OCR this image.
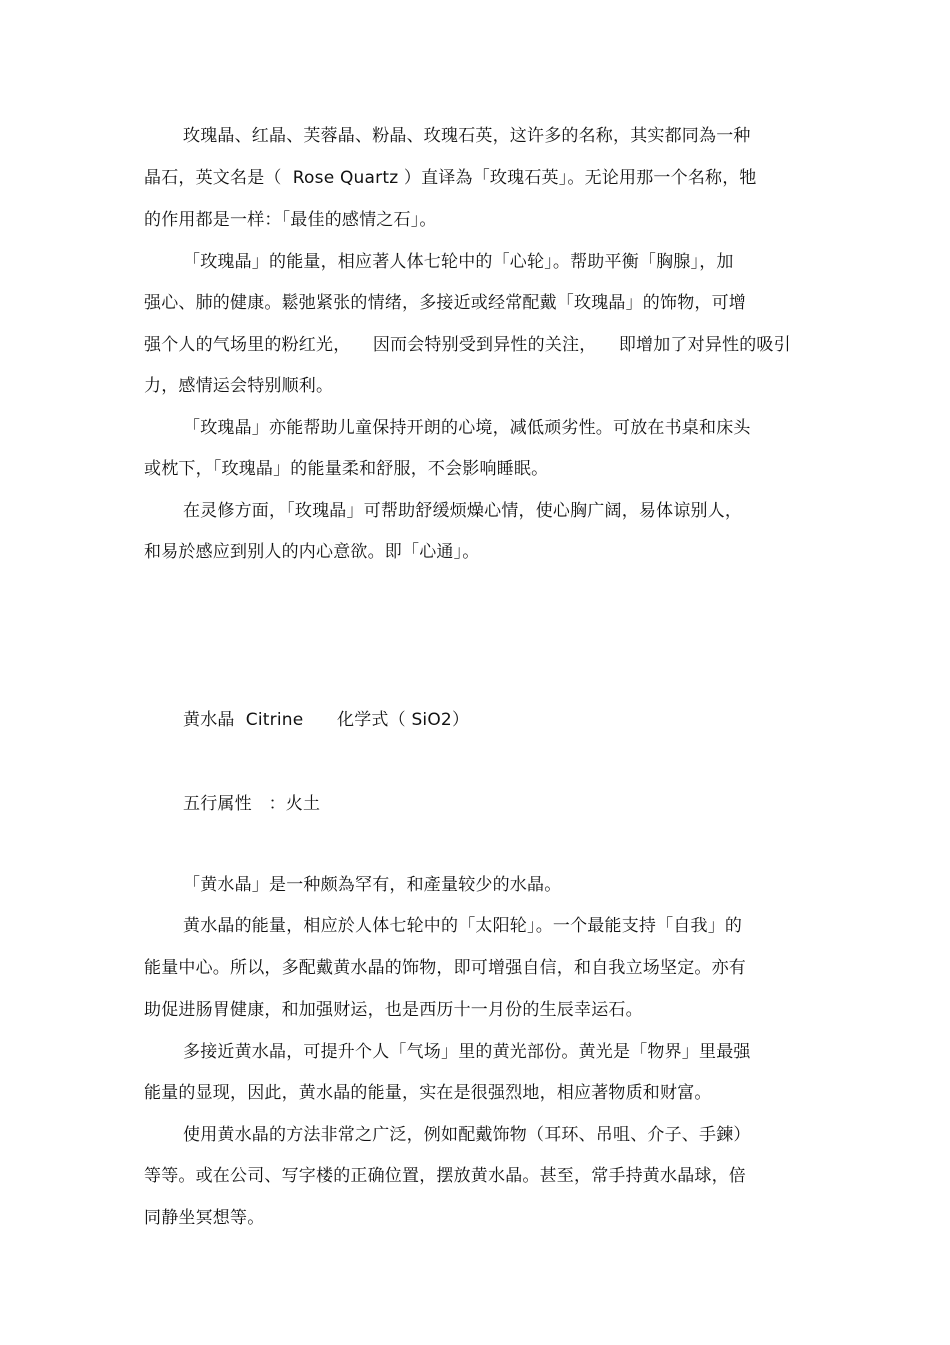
玫瑰晶、红晶、芙蓉晶、粉晶、玫瑰石英，这许多的名称，其实都同為一种
晶石，英文名是（  Rose Quartz ）直译為「玫瑰石英」。无论用那一个名称，牠
的作用都是一样：「最佳的感情之石」。
「玫瑰晶」的能量，相应著人体七轮中的「心轮」。帮助平衡「胸腺」，加
强心、肺的健康。鬆弛紧张的情绪，多接近或经常配戴「玫瑰晶」的饰物，可增
强个人的气场里的粉红光，    因而会特别受到异性的关注，    即增加了对异性的吸引
力，感情运会特别顺利。
「玫瑰晶」亦能帮助儿童保持开朗的心境，减低顽劣性。可放在书桌和床头
或枕下，「玫瑰晶」的能量柔和舒服，不会影响睡眠。
在灵修方面，「玫瑰晶」可帮助舒缓烦燥心情，使心胸广阔，易体谅别人，
和易於感应到别人的内心意欲。即「心通」。
黄水晶  Citrine      化学式（ SiO2）
五行属性   ：火土
「黄水晶」是一种颇為罕有，和產量较少的水晶。
黄水晶的能量，相应於人体七轮中的「太阳轮」。一个最能支持「自我」的
能量中心。所以，多配戴黄水晶的饰物，即可增强自信，和自我立场坚定。亦有
助促进肠胃健康，和加强财运，也是西历十一月份的生辰幸运石。
多接近黄水晶，可提升个人「气场」里的黄光部份。黄光是「物界」里最强
能量的显现，因此，黄水晶的能量，实在是很强烈地，相应著物质和财富。
使用黄水晶的方法非常之广泛，例如配戴饰物（耳环、吊咀、介子、手鍊）
等等。或在公司、写字楼的正确位置，摆放黄水晶。甚至，常手持黄水晶球，倍
同静坐冥想等。
